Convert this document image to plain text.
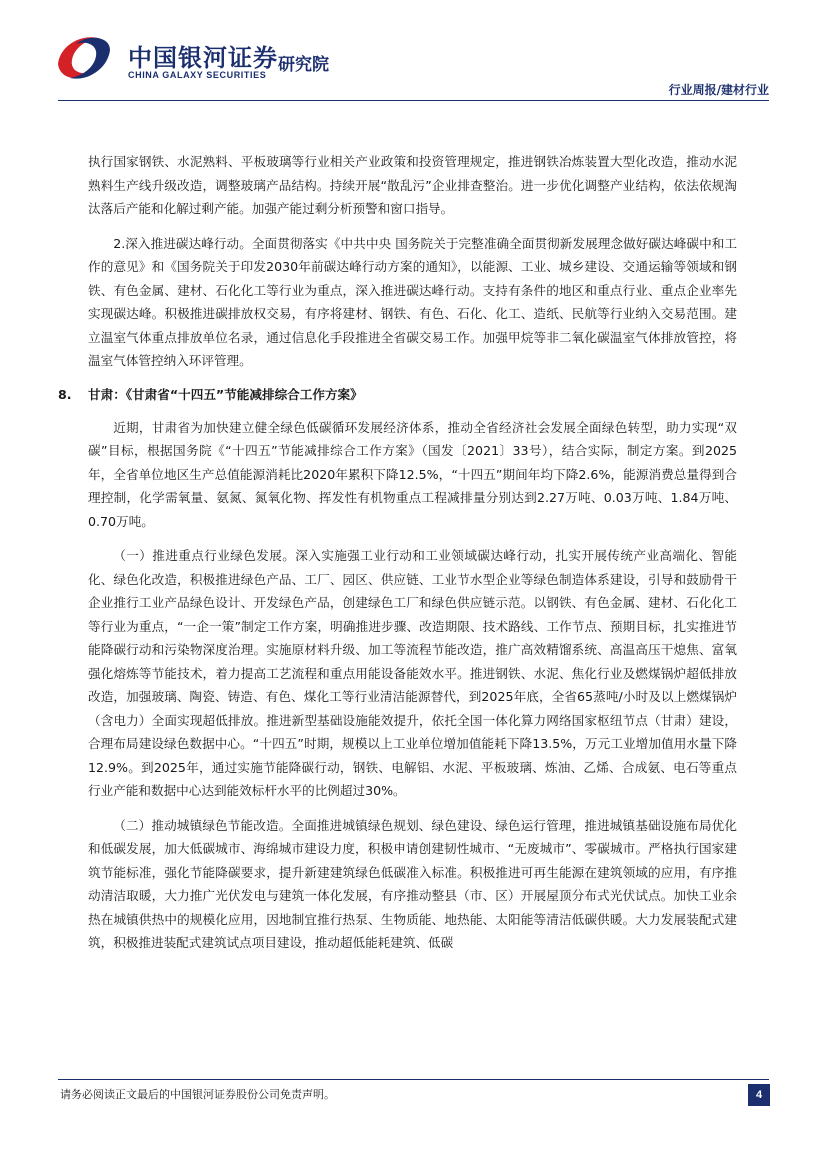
中国银河证券
CHINA GALAXY SECURITIES 研究院
行业周报/建材行业

执行国家钢铁、水泥熟料、平板玻璃等行业相关产业政策和投资管理规定，推进钢铁冶炼装置大型化改造，推动水泥熟料生产线升级改造，调整玻璃产品结构。持续开展“散乱污”企业排查整治。进一步优化调整产业结构，依法依规淘汰落后产能和化解过剩产能。加强产能过剩分析预警和窗口指导。

2.深入推进碳达峰行动。全面贯彻落实《中共中央 国务院关于完整准确全面贯彻新发展理念做好碳达峰碳中和工作的意见》和《国务院关于印发2030年前碳达峰行动方案的通知》，以能源、工业、城乡建设、交通运输等领域和钢铁、有色金属、建材、石化化工等行业为重点，深入推进碳达峰行动。支持有条件的地区和重点行业、重点企业率先实现碳达峰。积极推进碳排放权交易，有序将建材、钢铁、有色、石化、化工、造纸、民航等行业纳入交易范围。建立温室气体重点排放单位名录，通过信息化手段推进全省碳交易工作。加强甲烷等非二氧化碳温室气体排放管控，将温室气体管控纳入环评管理。

8. 甘肃：《甘肃省“十四五”节能减排综合工作方案》

近期，甘肃省为加快建立健全绿色低碳循环发展经济体系，推动全省经济社会发展全面绿色转型，助力实现“双碳”目标，根据国务院《“十四五”节能减排综合工作方案》（国发〔2021〕33号），结合实际，制定方案。到2025年，全省单位地区生产总值能源消耗比2020年累积下降12.5%，“十四五”期间年均下降2.6%，能源消费总量得到合理控制，化学需氧量、氨氮、氮氧化物、挥发性有机物重点工程减排量分别达到2.27万吨、0.03万吨、1.84万吨、0.70万吨。

（一）推进重点行业绿色发展。深入实施强工业行动和工业领域碳达峰行动，扎实开展传统产业高端化、智能化、绿色化改造，积极推进绿色产品、工厂、园区、供应链、工业节水型企业等绿色制造体系建设，引导和鼓励骨干企业推行工业产品绿色设计、开发绿色产品，创建绿色工厂和绿色供应链示范。以钢铁、有色金属、建材、石化化工等行业为重点，“一企一策”制定工作方案，明确推进步骤、改造期限、技术路线、工作节点、预期目标，扎实推进节能降碳行动和污染物深度治理。实施原材料升级、加工等流程节能改造，推广高效精馏系统、高温高压干熄焦、富氧强化熔炼等节能技术，着力提高工艺流程和重点用能设备能效水平。推进钢铁、水泥、焦化行业及燃煤锅炉超低排放改造，加强玻璃、陶瓷、铸造、有色、煤化工等行业清洁能源替代，到2025年底，全省65蒸吨/小时及以上燃煤锅炉（含电力）全面实现超低排放。推进新型基础设施能效提升，依托全国一体化算力网络国家枢纽节点（甘肃）建设，合理布局建设绿色数据中心。“十四五”时期，规模以上工业单位增加值能耗下降13.5%，万元工业增加值用水量下降12.9%。到2025年，通过实施节能降碳行动，钢铁、电解铝、水泥、平板玻璃、炼油、乙烯、合成氨、电石等重点行业产能和数据中心达到能效标杆水平的比例超过30%。

（二）推动城镇绿色节能改造。全面推进城镇绿色规划、绿色建设、绿色运行管理，推进城镇基础设施布局优化和低碳发展，加大低碳城市、海绵城市建设力度，积极申请创建韧性城市、“无废城市”、零碳城市。严格执行国家建筑节能标准，强化节能降碳要求，提升新建建筑绿色低碳准入标准。积极推进可再生能源在建筑领域的应用，有序推动清洁取暖，大力推广光伏发电与建筑一体化发展，有序推动整县（市、区）开展屋顶分布式光伏试点。加快工业余热在城镇供热中的规模化应用，因地制宜推行热泵、生物质能、地热能、太阳能等清洁低碳供暖。大力发展装配式建筑，积极推进装配式建筑试点项目建设，推动超低能耗建筑、低碳

请务必阅读正文最后的中国银河证券股份公司免责声明。	4
